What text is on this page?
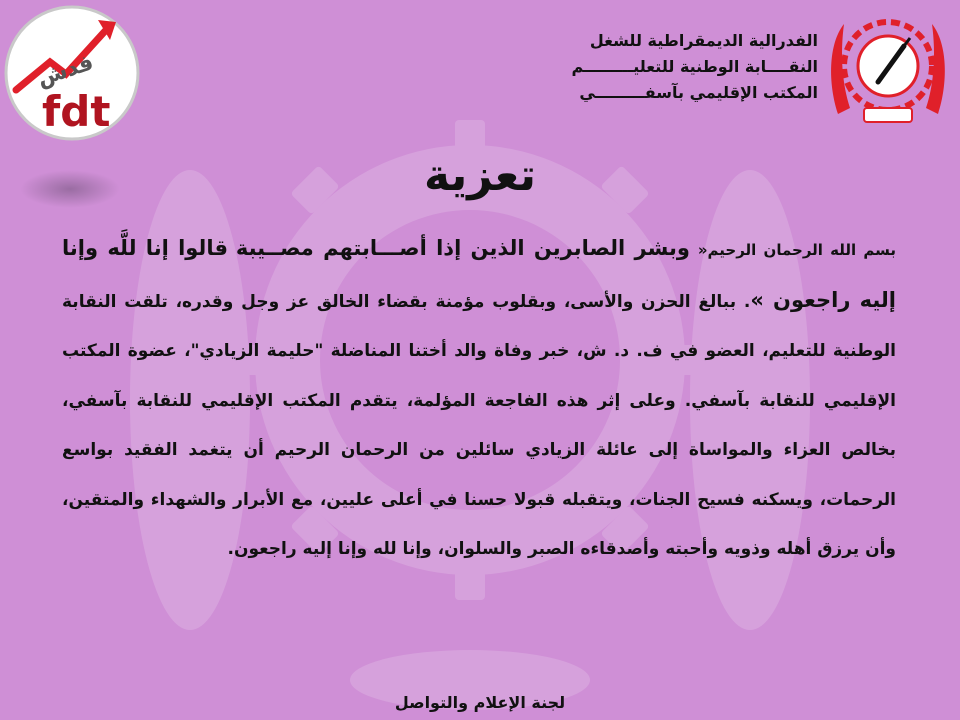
فدش
fdt
الفدرالية الديمقراطية للشغل
النقــــابة الوطنية للتعليـــــــــم
المكتب الإقليمي بآسفـــــــــي
تعزية
بسم الله الرحمان الرحيم« وبشر الصابرين الذين إذا أصـــابتهم مصــيبة قالوا إنا للَّه وإنا إليه راجعون ». ببالغ الحزن والأسى، وبقلوب مؤمنة بقضاء الخالق عز وجل وقدره، تلقت النقابة الوطنية للتعليم، العضو في ف. د. ش، خبر وفاة والد أختنا المناضلة "حليمة الزيادي"، عضوة المكتب الإقليمي للنقابة بآسفي. وعلى إثر هذه الفاجعة المؤلمة، يتقدم المكتب الإقليمي للنقابة بآسفي، بخالص العزاء والمواساة إلى عائلة الزيادي سائلين من الرحمان الرحيم أن يتغمد الفقيد بواسع الرحمات، ويسكنه فسيح الجنات، ويتقبله قبولا حسنا في أعلى عليين، مع الأبرار والشهداء والمتقين، وأن يرزق أهله وذويه وأحبته وأصدقاءه الصبر والسلوان، وإنا لله وإنا إليه راجعون.
لجنة الإعلام والتواصل
